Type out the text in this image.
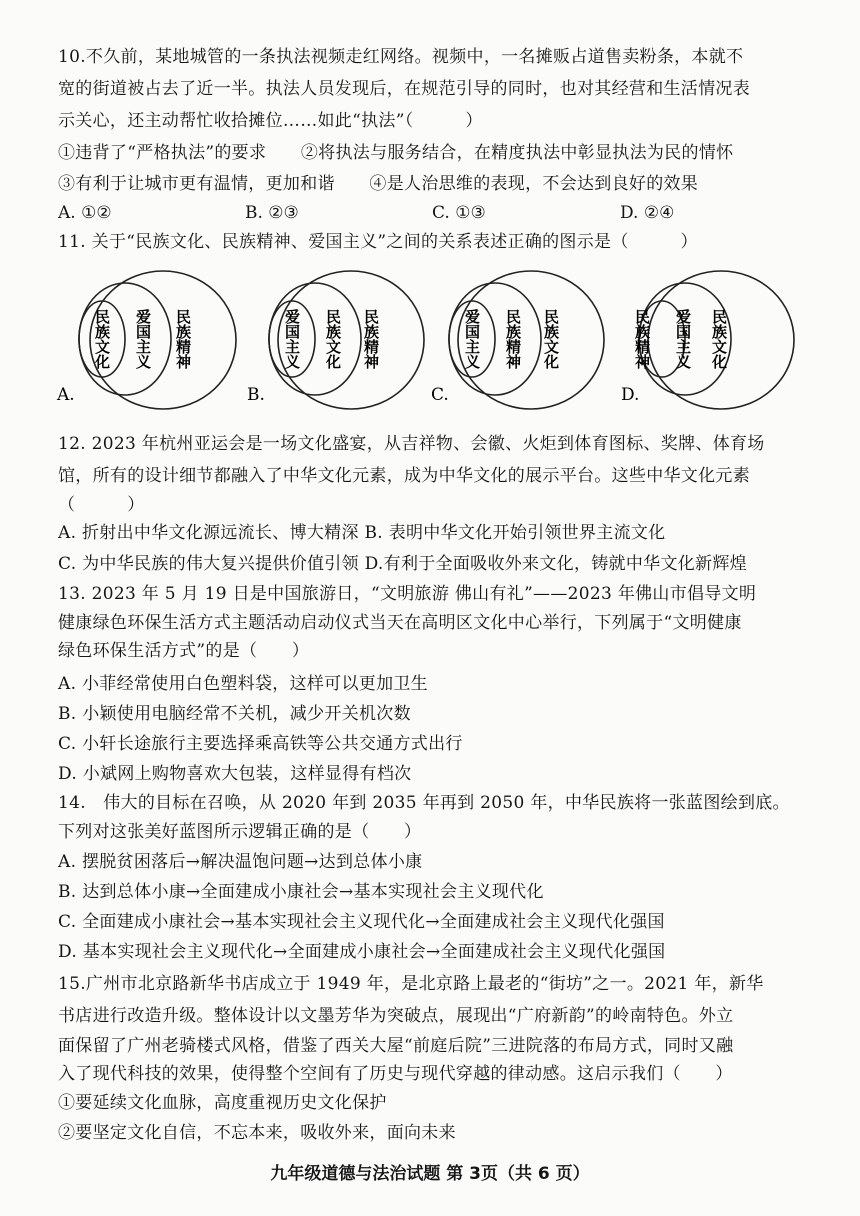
10.不久前，某地城管的一条执法视频走红网络。视频中，一名摊贩占道售卖粉条，本就不
宽的街道被占去了近一半。执法人员发现后，在规范引导的同时，也对其经营和生活情况表
示关心，还主动帮忙收拾摊位……如此“执法”（　　　）
①违背了“严格执法”的要求　　②将执法与服务结合，在精度执法中彰显执法为民的情怀
③有利于让城市更有温情，更加和谐　　④是人治思维的表现，不会达到良好的效果
A. ①②	B. ②③	C. ①③	D. ②④
11. 关于“民族文化、民族精神、爱国主义”之间的关系表述正确的图示是（　　　）
民族文化 爱国主义 民族精神
A.
爱国主义 民族文化 民族精神
B.
爱国主义 民族精神 民族文化
C.
民族精神 爱国主义 民族文化
D.
12. 2023 年杭州亚运会是一场文化盛宴，从吉祥物、会徽、火炬到体育图标、奖牌、体育场
馆，所有的设计细节都融入了中华文化元素，成为中华文化的展示平台。这些中华文化元素
（　　　）
A. 折射出中华文化源远流长、博大精深 B. 表明中华文化开始引领世界主流文化
C. 为中华民族的伟大复兴提供价值引领 D.有利于全面吸收外来文化，铸就中华文化新辉煌
13. 2023 年 5 月 19 日是中国旅游日，“文明旅游 佛山有礼”——2023 年佛山市倡导文明
健康绿色环保生活方式主题活动启动仪式当天在高明区文化中心举行，下列属于“文明健康
绿色环保生活方式”的是（　　）
A. 小菲经常使用白色塑料袋，这样可以更加卫生
B. 小颖使用电脑经常不关机，减少开关机次数
C. 小轩长途旅行主要选择乘高铁等公共交通方式出行
D. 小斌网上购物喜欢大包装，这样显得有档次
14.　伟大的目标在召唤，从 2020 年到 2035 年再到 2050 年，中华民族将一张蓝图绘到底。
下列对这张美好蓝图所示逻辑正确的是（　　）
A. 摆脱贫困落后→解决温饱问题→达到总体小康
B. 达到总体小康→全面建成小康社会→基本实现社会主义现代化
C. 全面建成小康社会→基本实现社会主义现代化→全面建成社会主义现代化强国
D. 基本实现社会主义现代化→全面建成小康社会→全面建成社会主义现代化强国
15.广州市北京路新华书店成立于 1949 年，是北京路上最老的“街坊”之一。2021 年，新华
书店进行改造升级。整体设计以文墨芳华为突破点，展现出“广府新韵”的岭南特色。外立
面保留了广州老骑楼式风格，借鉴了西关大屋“前庭后院”三进院落的布局方式，同时又融
入了现代科技的效果，使得整个空间有了历史与现代穿越的律动感。这启示我们（　　）
①要延续文化血脉，高度重视历史文化保护
②要坚定文化自信，不忘本来，吸收外来，面向未来
九年级道德与法治试题 第 3页（共 6 页）
